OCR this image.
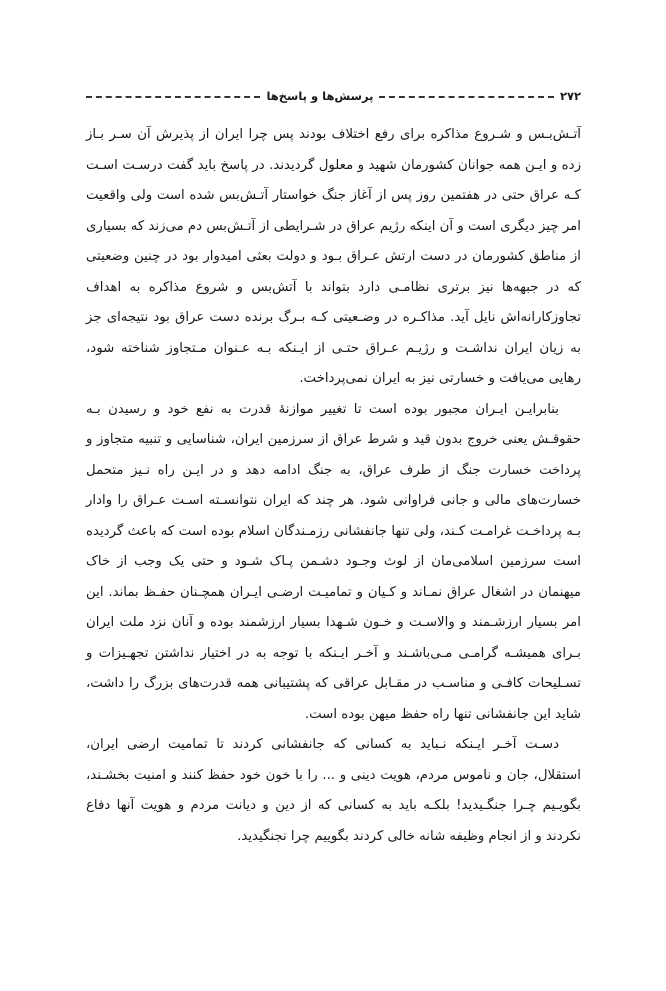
۲۷۲
پرسش‌ها و پاسخ‌ها

آتـش‌بـس و شـروع مذاکره برای رفع اختلاف بودند پس چرا ایران از پذیرش آن سـر بـاز زده و ایـن همه جوانان کشورمان شهید و معلول گردیدند. در پاسخ باید گفت درسـت اسـت کـه عراق حتی در هفتمین روز پس از آغاز جنگ خواستار آتـش‌بس شده است ولی واقعیت امر چیز دیگری است و آن اینکه رژیم عراق در شـرایطی از آتـش‌بس دم می‌زند که بسیاری از مناطق کشورمان در دست ارتش عـراق بـود و دولت بعثی امیدوار بود در چنین وضعیتی که در جبهه‌ها نیز برتری نظامـی دارد بتواند با آتش‌بس و شروع مذاکره به اهداف تجاوزکارانه‌اش نایل آید. مذاکـره در وضـعیتی کـه بـرگ برنده دست عراق بود نتیجه‌ای جز به زیان ایران نداشـت و رژیـم عـراق حتـی از ایـنکه بـه عـنوان مـتجاوز شناخته شود، رهایی می‌یافت و خسارتی نیز به ایران نمی‌پرداخت.

بنابرایـن ایـران مجبور بوده است تا تغییر موازنهٔ قدرت به نفع خود و رسیدن بـه حقوقـش یعنی خروج بدون قید و شرط عراق از سرزمین ایران، شناسایی و تنبیه متجاوز و پرداخت خسارت جنگ از طرف عراق، به جنگ ادامه دهد و در ایـن راه نـیز متحمل خسارت‌های مالی و جانی فراوانی شود. هر چند که ایران نتوانسـته اسـت عـراق را وادار بـه پرداخـت غرامـت کـند، ولی تنها جانفشانی رزمـندگان اسلام بوده است که باعث گردیده است سرزمین اسلامی‌مان از لوث وجـود دشـمن پـاک شـود و حتی یک وجب از خاک میهنمان در اشغال عراق نمـاند و کـیان و تمامیـت ارضـی ایـران همچـنان حفـظ بماند. این امر بسیار ارزشـمند و والاسـت و خـون شـهدا بسیار ارزشمند بوده و آنان نزد ملت ایران بـرای همیشـه گرامـی مـی‌باشـند و آخـر ایـنکه با توجه به در اختیار نداشتن تجهـیزات و تسـلیحات کافـی و مناسـب در مقـابل عراقی که پشتیبانی همه قدرت‌های بزرگ را داشت، شاید این جانفشانی تنها راه حفظ میهن بوده است.

دسـت آخـر ایـنکه نـباید به کسانی که جانفشانی کردند تا تمامیت ارضی ایران، استقلال، جان و ناموس مردم، هویت دینی و ... را با خون خود حفظ کنند و امنیت بخشـند، بگویـیم چـرا جنگـیدید! بلکـه باید به کسانی که از دین و دیانت مردم و هویت آنها دفاع نکردند و از انجام وظیفه شانه خالی کردند بگوییم چرا نجنگیدید.
